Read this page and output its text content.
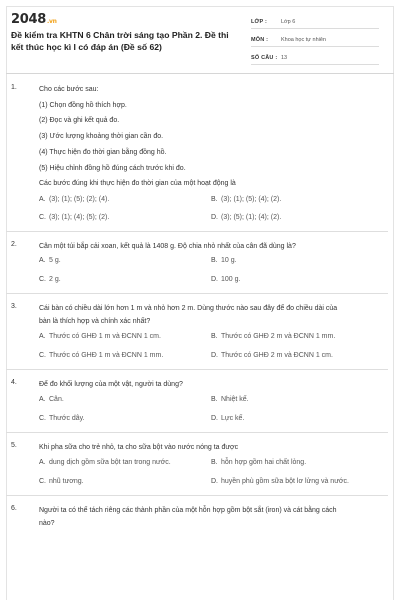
2048.vn
Đề kiểm tra KHTN 6 Chân trời sáng tạo Phần 2. Đề thi kết thúc học kì I có đáp án (Đề số 62)
LỚP :	Lớp 6
MÔN :	Khoa học tự nhiên
SỐ CÂU : 13
1.	Cho các bước sau:
(1) Chọn đồng hồ thích hợp.
(2) Đọc và ghi kết quả đo.
(3) Ước lượng khoảng thời gian cần đo.
(4) Thực hiện đo thời gian bằng đồng hồ.
(5) Hiệu chỉnh đồng hồ đúng cách trước khi đo.
Các bước đúng khi thực hiện đo thời gian của một hoạt động là
A. (3); (1); (5); (2); (4).	B. (3); (1); (5); (4); (2).
C. (3); (1); (4); (5); (2).	D. (3); (5); (1); (4); (2).
2.	Cân một túi bắp cải xoan, kết quả là 1408 g. Độ chia nhỏ nhất của cân đã dùng là?
A. 5 g.	B. 10 g.
C. 2 g.	D. 100 g.
3.	Cái bàn có chiều dài lớn hơn 1 m và nhỏ hơn 2 m. Dùng thước nào sau đây để đo chiều dài của
bàn là thích hợp và chính xác nhất?
A. Thước có GHĐ 1 m và ĐCNN 1 cm.	B. Thước có GHĐ 2 m và ĐCNN 1 mm.
C. Thước có GHĐ 1 m và ĐCNN 1 mm.	D. Thước có GHĐ 2 m và ĐCNN 1 cm.
4.	Để đo khối lượng của một vật, người ta dùng?
A. Cân.	B. Nhiệt kế.
C. Thước dây.	D. Lực kế.
5.	Khi pha sữa cho trẻ nhỏ, ta cho sữa bột vào nước nóng ta được
A. dung dịch gồm sữa bột tan trong nước.	B. hỗn hợp gồm hai chất lỏng.
C. nhũ tương.	D. huyền phù gồm sữa bột lơ lửng và nước.
6.	Người ta có thể tách riêng các thành phần của một hỗn hợp gồm bột sắt (iron) và cát bằng cách
nào?
